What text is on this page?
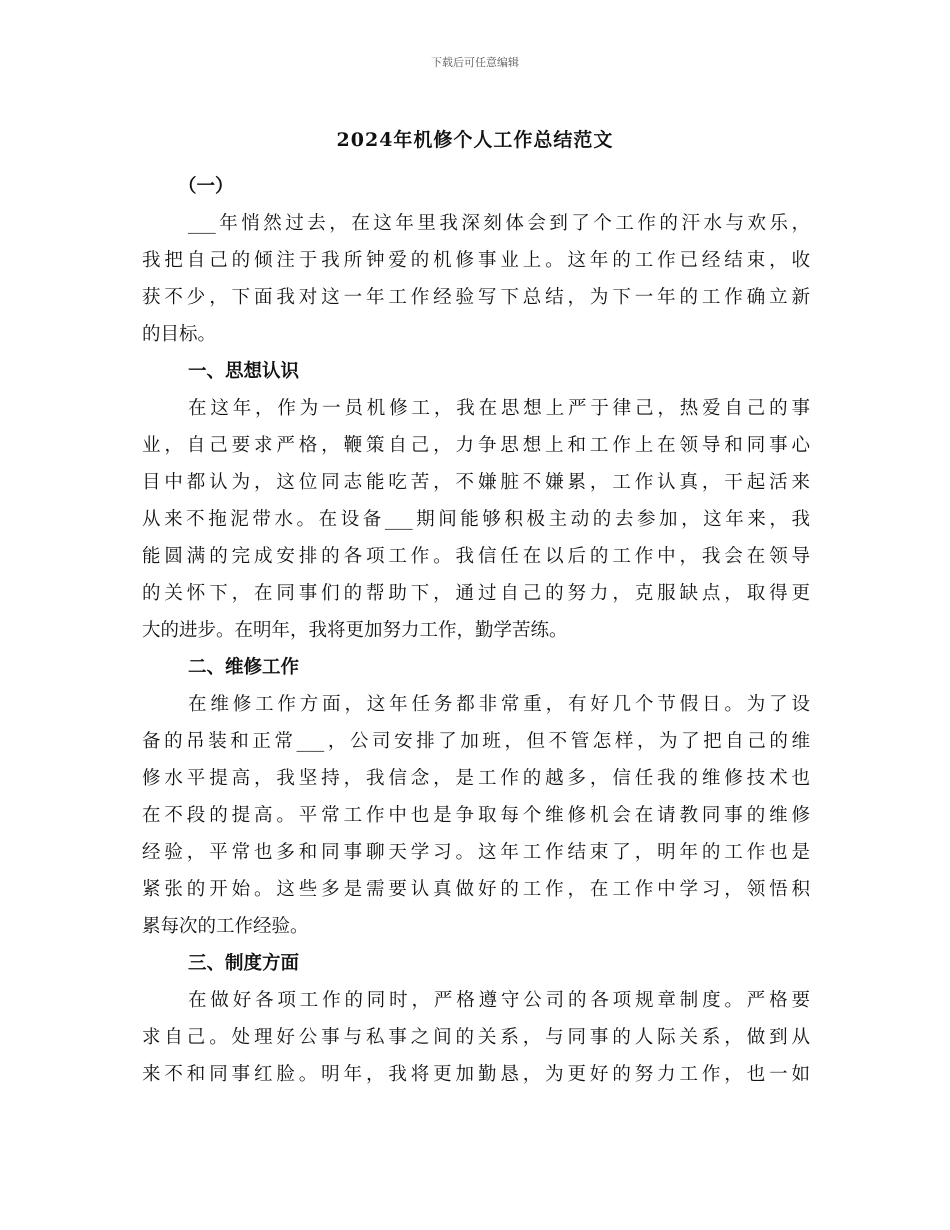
下载后可任意编辑
2024年机修个人工作总结范文
（一）
___年悄然过去，在这年里我深刻体会到了个工作的汗水与欢乐，
我把自己的倾注于我所钟爱的机修事业上。这年的工作已经结束，收
获不少，下面我对这一年工作经验写下总结，为下一年的工作确立新
的目标。
一、思想认识
在这年，作为一员机修工，我在思想上严于律己，热爱自己的事
业，自己要求严格，鞭策自己，力争思想上和工作上在领导和同事心
目中都认为，这位同志能吃苦，不嫌脏不嫌累，工作认真，干起活来
从来不拖泥带水。在设备___期间能够积极主动的去参加，这年来，我
能圆满的完成安排的各项工作。我信任在以后的工作中，我会在领导
的关怀下，在同事们的帮助下，通过自己的努力，克服缺点，取得更
大的进步。在明年，我将更加努力工作，勤学苦练。
二、维修工作
在维修工作方面，这年任务都非常重，有好几个节假日。为了设
备的吊装和正常___，公司安排了加班，但不管怎样，为了把自己的维
修水平提高，我坚持，我信念，是工作的越多，信任我的维修技术也
在不段的提高。平常工作中也是争取每个维修机会在请教同事的维修
经验，平常也多和同事聊天学习。这年工作结束了，明年的工作也是
紧张的开始。这些多是需要认真做好的工作，在工作中学习，领悟积
累每次的工作经验。
三、制度方面
在做好各项工作的同时，严格遵守公司的各项规章制度。严格要
求自己。处理好公事与私事之间的关系，与同事的人际关系，做到从
来不和同事红脸。明年，我将更加勤恳，为更好的努力工作，也一如
